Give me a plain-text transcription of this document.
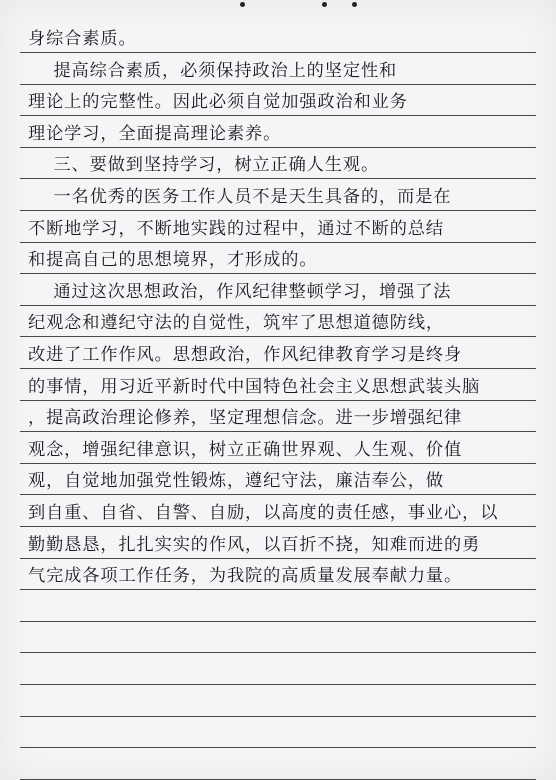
身综合素质。
提高综合素质，必须保持政治上的坚定性和
理论上的完整性。因此必须自觉加强政治和业务
理论学习，全面提高理论素养。
三、要做到坚持学习，树立正确人生观。
一名优秀的医务工作人员不是天生具备的，而是在
不断地学习，不断地实践的过程中，通过不断的总结
和提高自己的思想境界，才形成的。
通过这次思想政治，作风纪律整顿学习，增强了法
纪观念和遵纪守法的自觉性，筑牢了思想道德防线，
改进了工作作风。思想政治，作风纪律教育学习是终身
的事情，用习近平新时代中国特色社会主义思想武装头脑
，提高政治理论修养，坚定理想信念。进一步增强纪律
观念，增强纪律意识，树立正确世界观、人生观、价值
观，自觉地加强党性锻炼，遵纪守法，廉洁奉公，做
到自重、自省、自警、自励，以高度的责任感，事业心，以
勤勤恳恳，扎扎实实的作风，以百折不挠，知难而进的勇
气完成各项工作任务，为我院的高质量发展奉献力量。
